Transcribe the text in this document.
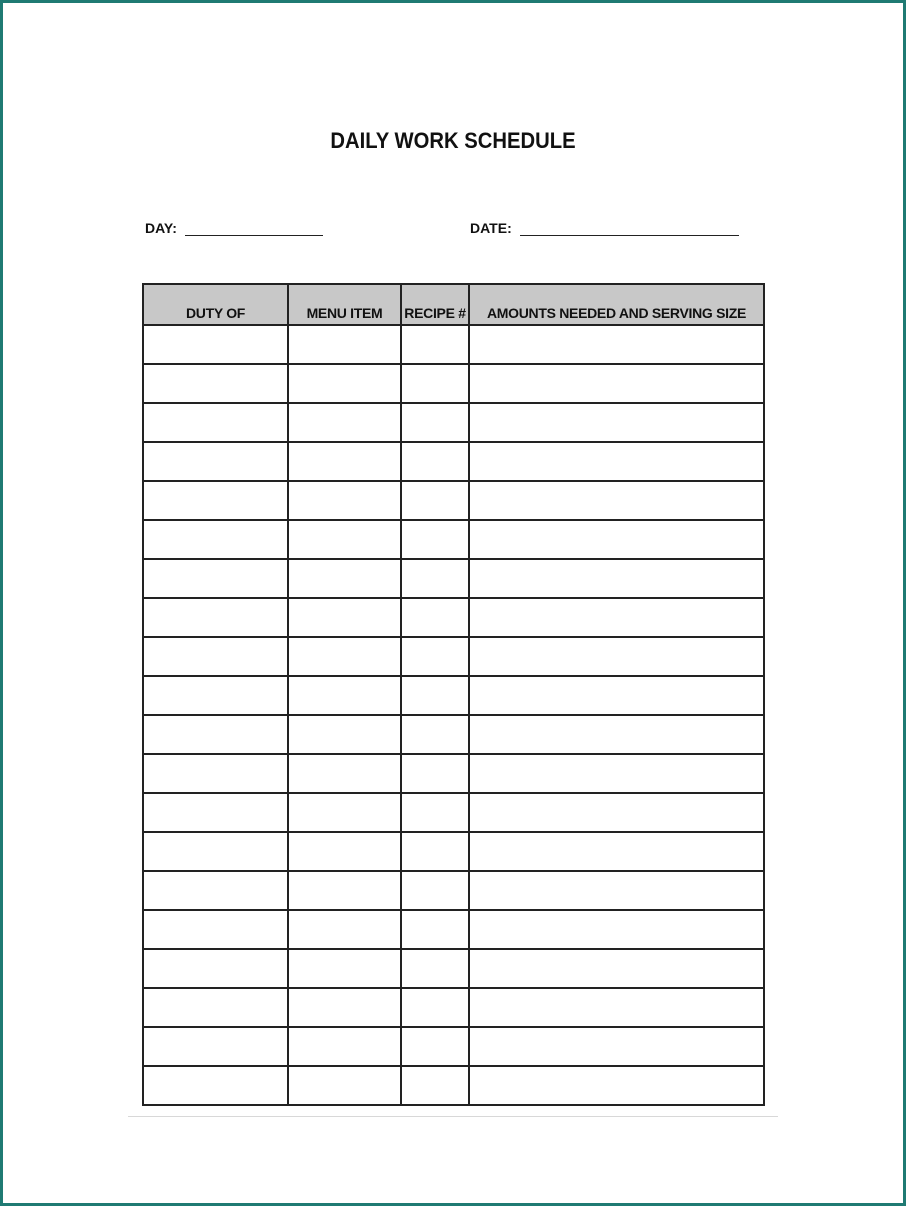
DAILY WORK SCHEDULE
DAY:	DATE:
DUTY OF	MENU ITEM	RECIPE #	AMOUNTS NEEDED AND SERVING SIZE
